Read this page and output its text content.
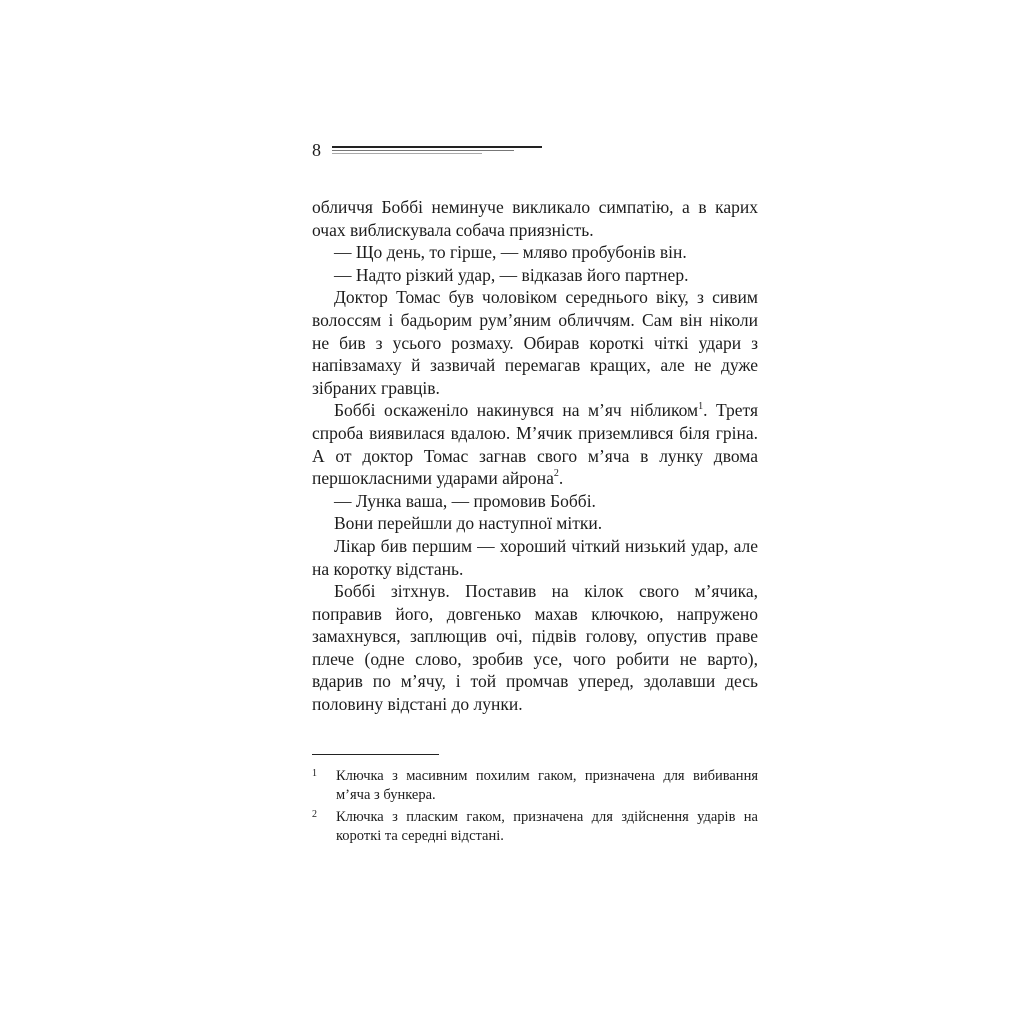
8

обличчя Боббі неминуче викликало симпатію, а в карих очах виблискувала собача приязність.

— Що день, то гірше, — мляво пробубонів він.

— Надто різкий удар, — відказав його партнер.

Доктор Томас був чоловіком середнього віку, з сивим волоссям і бадьорим рум’яним обличчям. Сам він ніколи не бив з усього розмаху. Обирав короткі чіткі удари з напівзамаху й зазвичай перемагав кращих, але не дуже зібраних гравців.

Боббі оскаженіло накинувся на м’яч нібликом$^1$. Третя спроба виявилася вдалою. М’ячик приземлився біля гріна. А от доктор Томас загнав свого м’яча в лунку двома першокласними ударами айрона$^2$.

— Лунка ваша, — промовив Боббі.

Вони перейшли до наступної мітки.

Лікар бив першим — хороший чіткий низький удар, але на коротку відстань.

Боббі зітхнув. Поставив на кілок свого м’ячика, поправив його, довгенько махав ключкою, напружено замахнувся, заплющив очі, підвів голову, опустив праве плече (одне слово, зробив усе, чого робити не варто), вдарив по м’ячу, і той промчав уперед, здолавши десь половину відстані до лунки.

1 Ключка з масивним похилим гаком, призначена для вибивання м’яча з бункера.
2 Ключка з пласким гаком, призначена для здійснення ударів на короткі та середні відстані.
